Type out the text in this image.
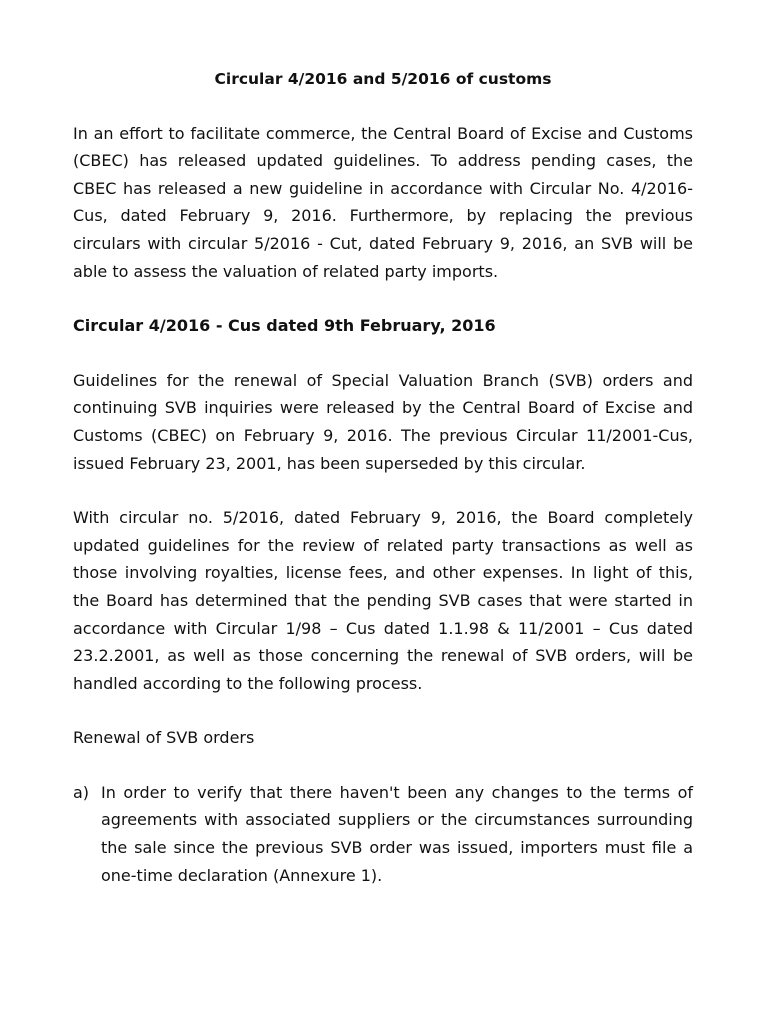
Circular 4/2016 and 5/2016 of customs

In an effort to facilitate commerce, the Central Board of Excise and Customs (CBEC) has released updated guidelines. To address pending cases, the CBEC has released a new guideline in accordance with Circular No. 4/2016-Cus, dated February 9, 2016. Furthermore, by replacing the previous circulars with circular 5/2016 - Cut, dated February 9, 2016, an SVB will be able to assess the valuation of related party imports.

Circular 4/2016 - Cus dated 9th February, 2016

Guidelines for the renewal of Special Valuation Branch (SVB) orders and continuing SVB inquiries were released by the Central Board of Excise and Customs (CBEC) on February 9, 2016. The previous Circular 11/2001-Cus, issued February 23, 2001, has been superseded by this circular.

With circular no. 5/2016, dated February 9, 2016, the Board completely updated guidelines for the review of related party transactions as well as those involving royalties, license fees, and other expenses. In light of this, the Board has determined that the pending SVB cases that were started in accordance with Circular 1/98 – Cus dated 1.1.98 & 11/2001 – Cus dated 23.2.2001, as well as those concerning the renewal of SVB orders, will be handled according to the following process.

Renewal of SVB orders
a) In order to verify that there haven't been any changes to the terms of agreements with associated suppliers or the circumstances surrounding the sale since the previous SVB order was issued, importers must file a one-time declaration (Annexure 1).
